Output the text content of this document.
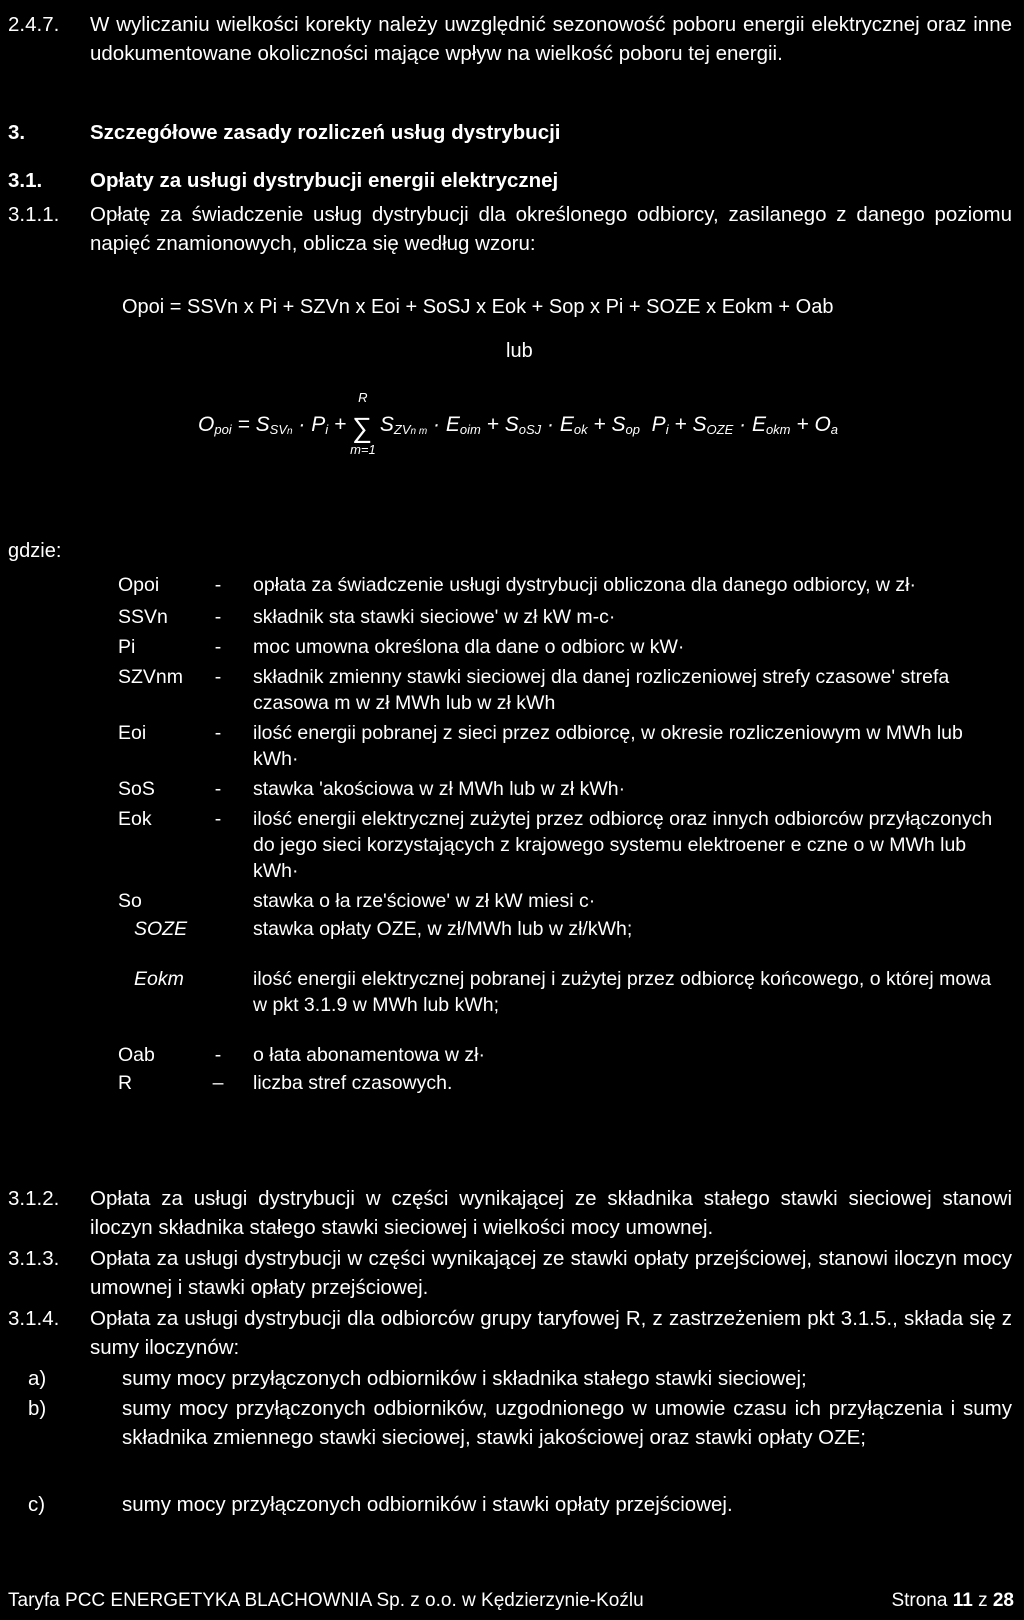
2.4.7. W wyliczaniu wielkości korekty należy uwzględnić sezonowość poboru energii elektrycznej oraz inne udokumentowane okoliczności mające wpływ na wielkość poboru tej energii.
3.	Szczegółowe zasady rozliczeń usług dystrybucji
3.1. Opłaty za usługi dystrybucji energii elektrycznej
3.1.1. Opłatę za świadczenie usług dystrybucji dla określonego odbiorcy, zasilanego z danego poziomu napięć znamionowych, oblicza się według wzoru:
Opoi = SSVn x Pi + SZVn x Eoi + SoSJ x Eok + Sop x Pi + SOZE x Eokm + Oab
lub
$O_{poi} = S_{SVn} \cdot P_i$ + ∑
R
m=1
$S_{ZVn m} \cdot E_{oim} + S_{oSJ} \cdot E_{ok} + S_{op}$  $P_i + S_{OZE} \cdot E_{okm} + O_a$
gdzie:
Opoi	-	opłata za świadczenie usługi dystrybucji obliczona dla danego odbiorcy, w zł·
SSVn	-	składnik sta stawki sieciowe' w zł kW m-c·
Pi	-	moc umowna określona dla dane o odbiorc w kW·
SZVnm	-	składnik zmienny stawki sieciowej dla danej rozliczeniowej strefy czasowe' strefa czasowa m w zł MWh lub w zł kWh
Eoi	-	ilość energii pobranej z sieci przez odbiorcę, w okresie rozliczeniowym w MWh lub kWh·
SoS	-	stawka 'akościowa w zł MWh lub w zł kWh·
Eok	-	ilość energii elektrycznej zużytej przez odbiorcę oraz innych odbiorców przyłączonych do jego sieci korzystających z krajowego systemu elektroener e czne o w MWh lub kWh·
So	stawka o ła rze'ściowe' w zł kW miesi c·
SOZE	stawka opłaty OZE, w zł/MWh lub w zł/kWh;
Eokm	ilość energii elektrycznej pobranej i zużytej przez odbiorcę końcowego, o której mowa w pkt 3.1.9 w MWh lub kWh;
Oab	-	o łata abonamentowa w zł·
R	– liczba stref czasowych.
3.1.2. Opłata za usługi dystrybucji w części wynikającej ze składnika stałego stawki sieciowej stanowi iloczyn składnika stałego stawki sieciowej i wielkości mocy umownej.
3.1.3. Opłata za usługi dystrybucji w części wynikającej ze stawki opłaty przejściowej, stanowi iloczyn mocy umownej i stawki opłaty przejściowej.
3.1.4. Opłata za usługi dystrybucji dla odbiorców grupy taryfowej R, z zastrzeżeniem pkt 3.1.5., składa się z sumy iloczynów:
a)	sumy mocy przyłączonych odbiorników i składnika stałego stawki sieciowej;
b)	sumy mocy przyłączonych odbiorników, uzgodnionego w umowie czasu ich przyłączenia i sumy składnika zmiennego stawki sieciowej, stawki jakościowej oraz stawki opłaty OZE;
c)	sumy mocy przyłączonych odbiorników i stawki opłaty przejściowej.
Taryfa PCC ENERGETYKA BLACHOWNIA Sp. z o.o. w Kędzierzynie-Koźlu	Strona 11 z 28
